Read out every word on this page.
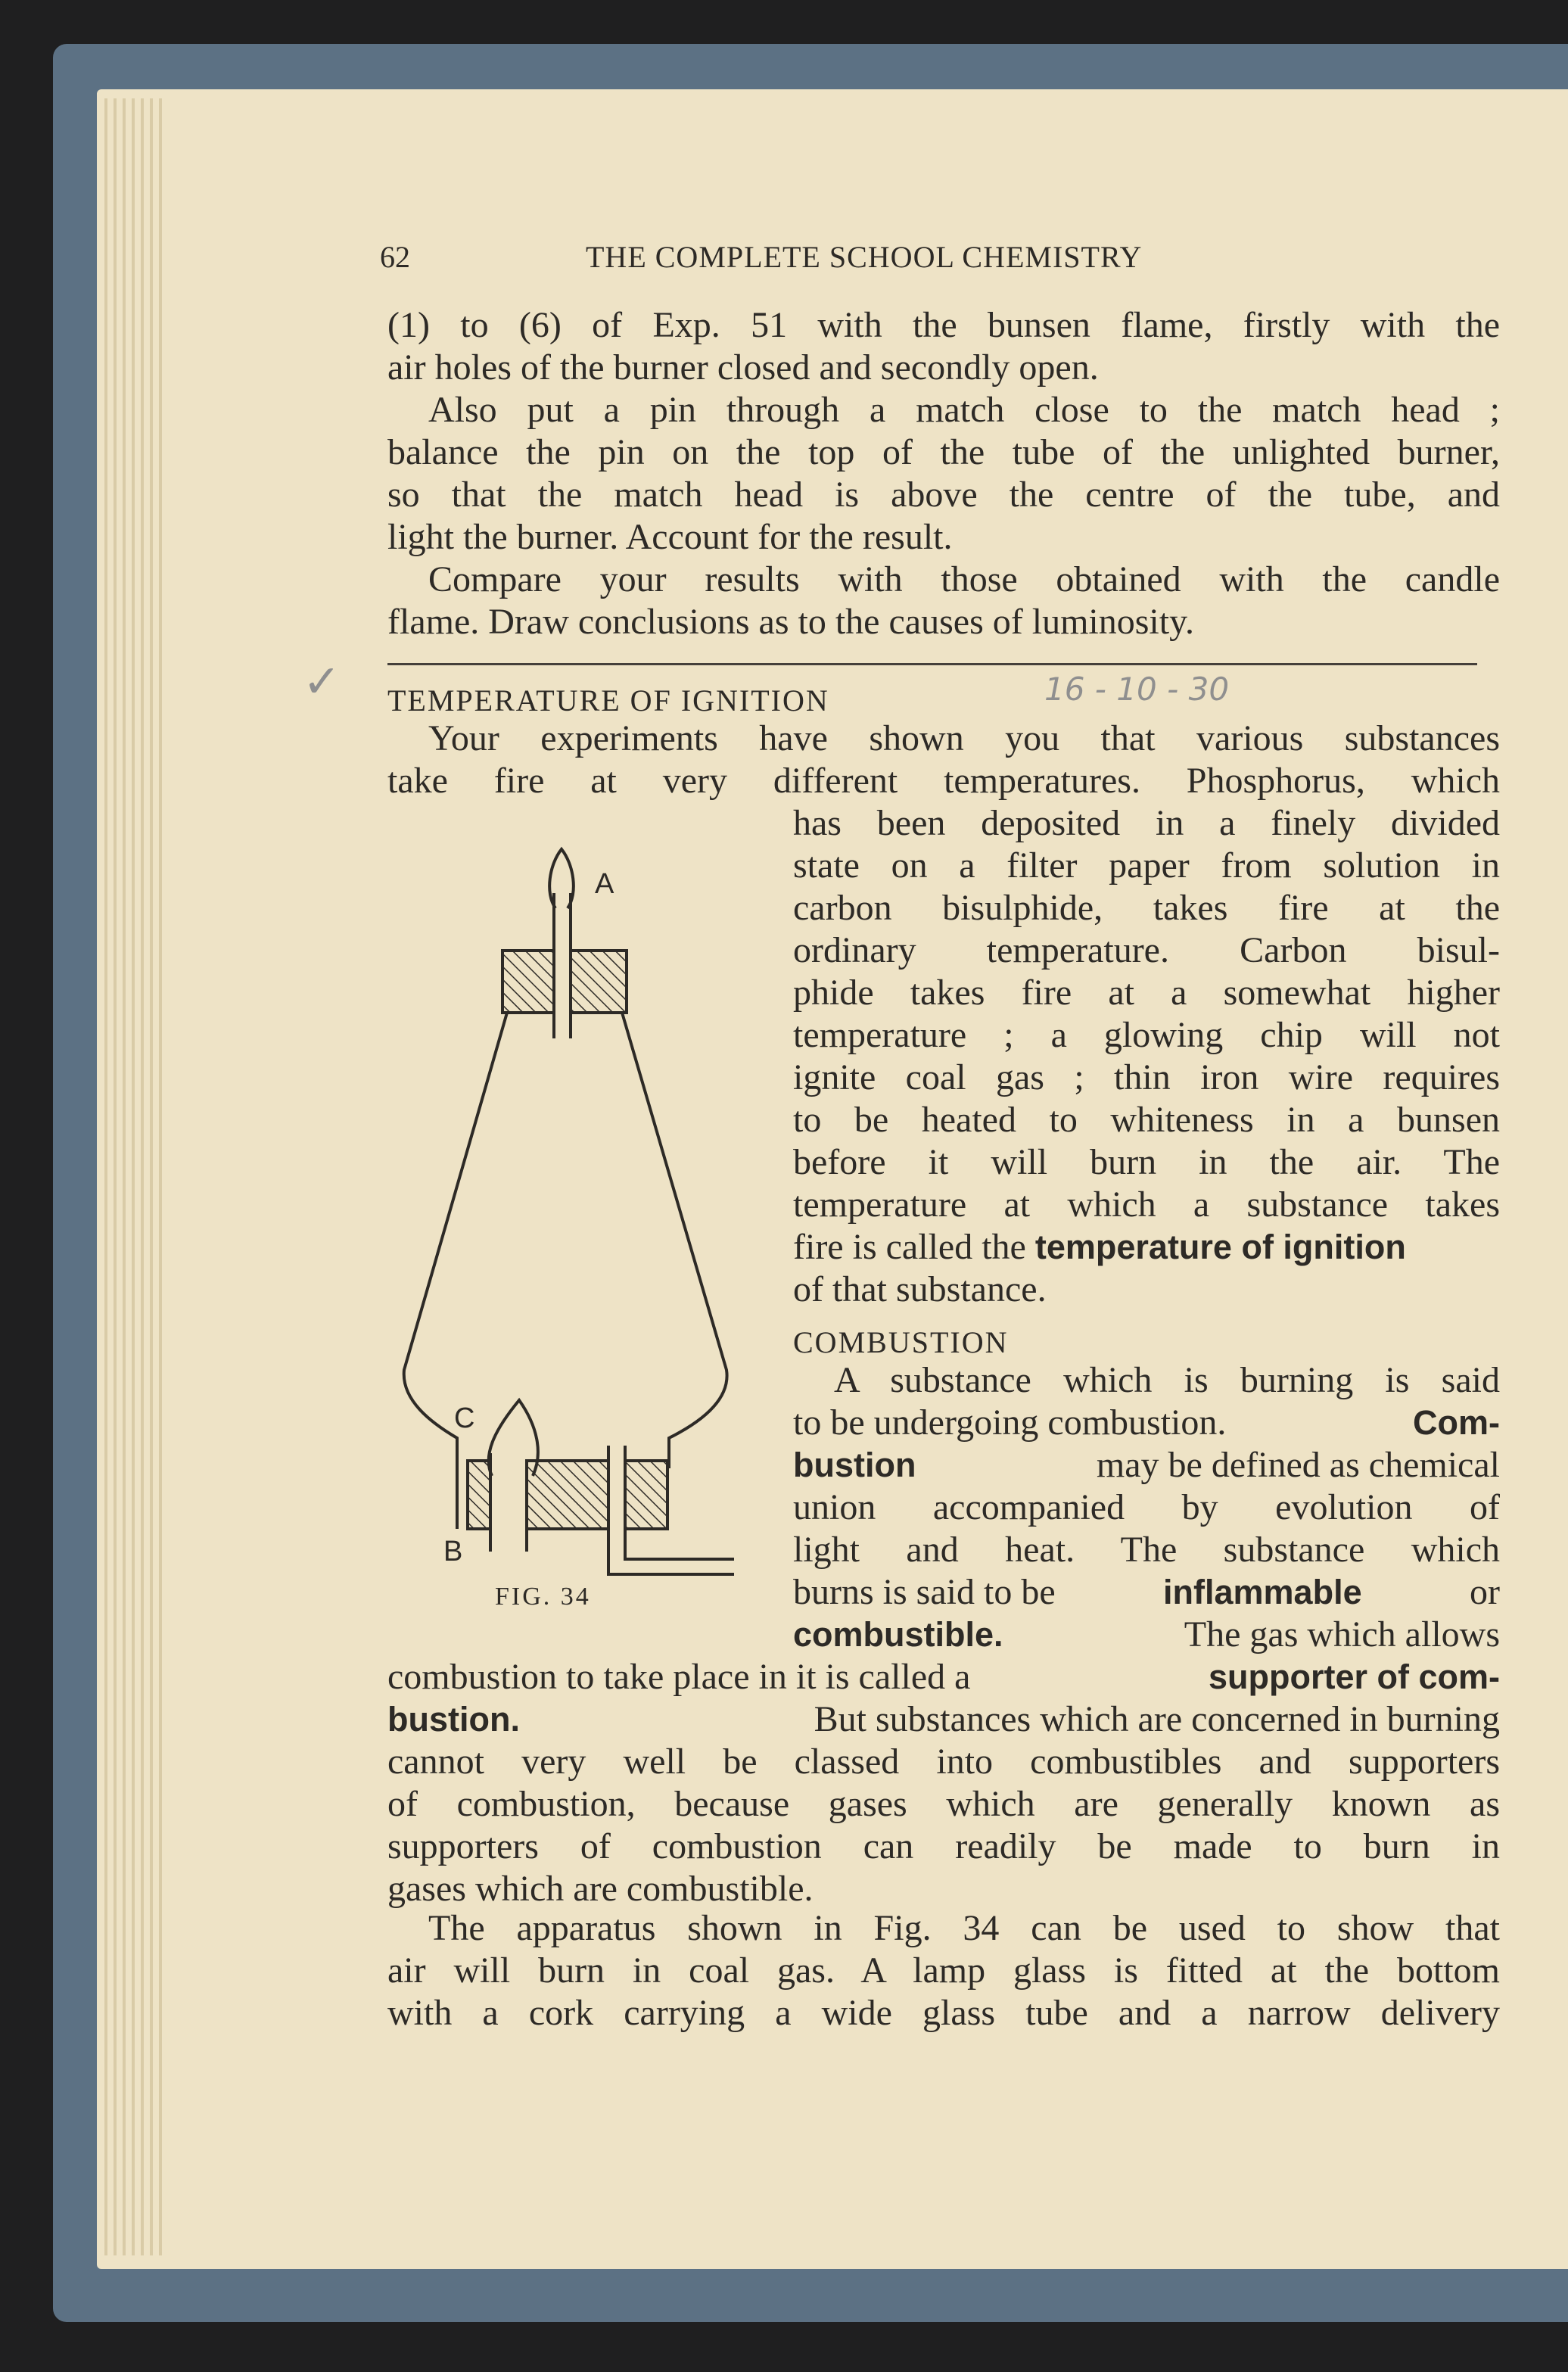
62	THE COMPLETE SCHOOL CHEMISTRY
(1) to (6) of Exp. 51 with the bunsen flame, firstly with the
air holes of the burner closed and secondly open.
Also put a pin through a match close to the match head ;
balance the pin on the top of the tube of the unlighted burner,
so that the match head is above the centre of the tube, and
light the burner. Account for the result.
Compare your results with those obtained with the candle
flame. Draw conclusions as to the causes of luminosity.
✓ TEMPERATURE OF IGNITION	16 - 10 - 30
Your experiments have shown you that various substances
take fire at very different temperatures. Phosphorus, which
has been deposited in a finely divided
state on a filter paper from solution in
carbon bisulphide, takes fire at the
ordinary temperature. Carbon bisul-
phide takes fire at a somewhat higher
temperature ; a glowing chip will not
ignite coal gas ; thin iron wire requires
to be heated to whiteness in a bunsen
before it will burn in the air. The
temperature at which a substance takes
fire is called the temperature of ignition
of that substance.
COMBUSTION
A substance which is burning is said
to be undergoing combustion.	Com-
bustion	may be defined as chemical
union accompanied by evolution of
light and heat. The substance which
burns is said to be	inflammable	or
combustible.	The gas which allows
combustion to take place in it is called a	supporter of com-
bustion.	But substances which are concerned in burning
cannot very well be classed into combustibles and supporters
of combustion, because gases which are generally known as
supporters of combustion can readily be made to burn in
gases which are combustible.
The apparatus shown in Fig. 34 can be used to show that
air will burn in coal gas. A lamp glass is fitted at the bottom
with a cork carrying a wide glass tube and a narrow delivery
A
C
B
FIG. 34
